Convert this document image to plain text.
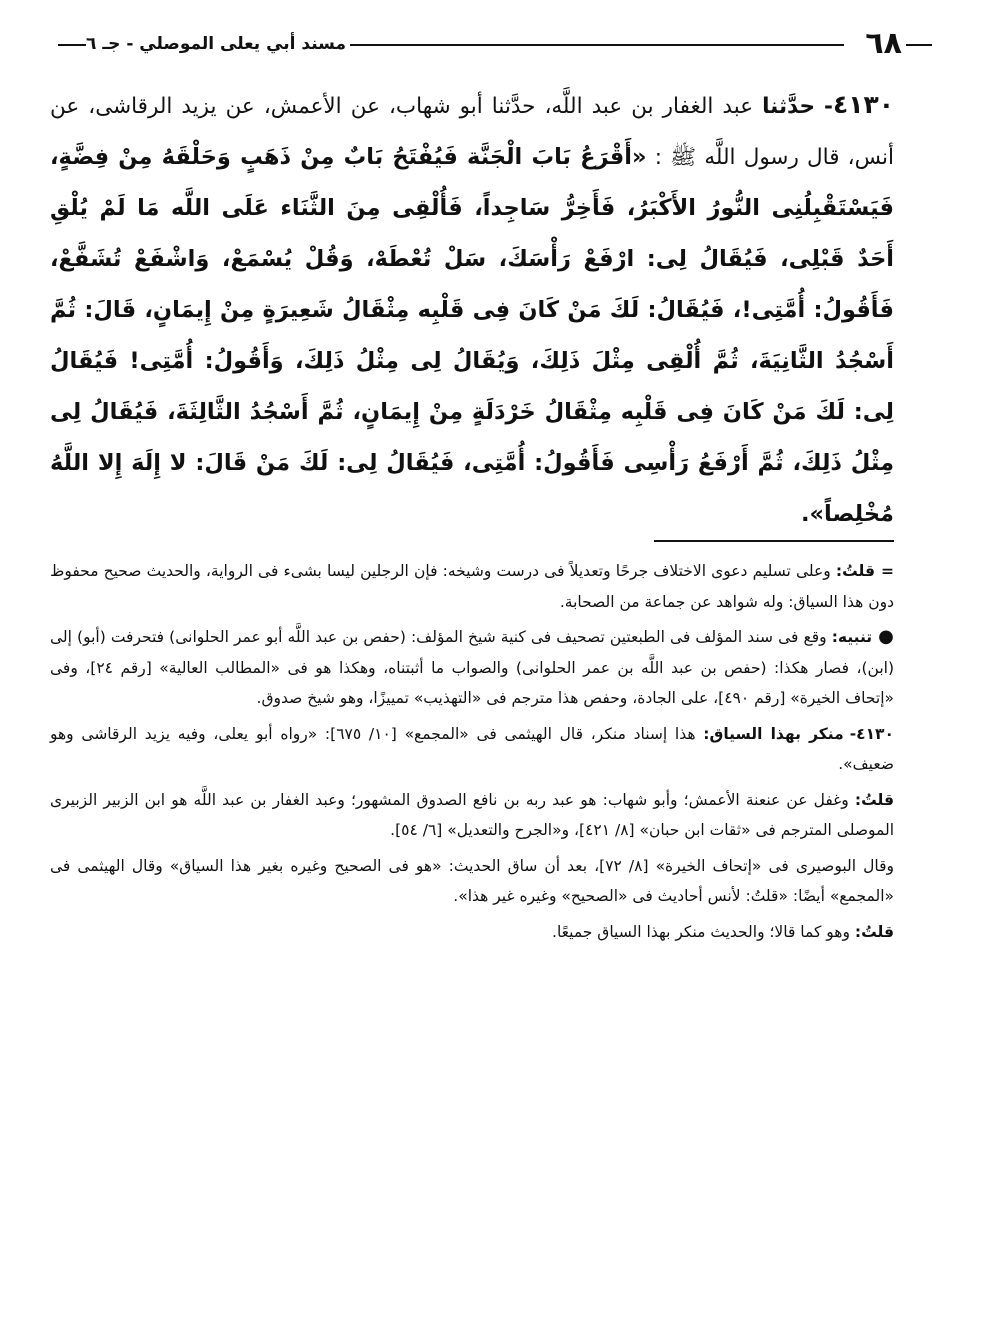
٦٨
مسند أبي يعلى الموصلي - جـ ٦

٤١٣٠- حدَّثنا عبد الغفار بن عبد اللَّه، حدَّثنا أبو شهاب، عن الأعمش، عن يزيد الرقاشى، عن أنس، قال رسول اللَّه ﷺ : «أَقْرَعُ بَابَ الْجَنَّة فَيُفْتَحُ بَابٌ مِنْ ذَهَبٍ وَحَلْقَهُ مِنْ فِضَّةٍ، فَيَسْتَقْبِلُنِى النُّورُ الأَكْبَرُ، فَأَخِرُّ سَاجِداً، فَأُلْقِى مِنَ الثَّنَاء عَلَى اللَّه مَا لَمْ يُلْقِ أَحَدٌ قَبْلِى، فَيُقَالُ لِى: ارْفَعْ رَأْسَكَ، سَلْ تُعْطَهْ، وَقُلْ يُسْمَعْ، وَاشْفَعْ تُشَفَّعْ، فَأَقُولُ: أُمَّتِى!، فَيُقَالُ: لَكَ مَنْ كَانَ فِى قَلْبِه مِثْقَالُ شَعِيرَةٍ مِنْ إِيمَانٍ، قَالَ: ثُمَّ أَسْجُدُ الثَّانِيَةَ، ثُمَّ أُلْقِى مِثْلَ ذَلِكَ، وَيُقَالُ لِى مِثْلُ ذَلِكَ، وَأَقُولُ: أُمَّتِى! فَيُقَالُ لِى: لَكَ مَنْ كَانَ فِى قَلْبِه مِثْقَالُ خَرْدَلَةٍ مِنْ إِيمَانٍ، ثُمَّ أَسْجُدُ الثَّالِثَةَ، فَيُقَالُ لِى مِثْلُ ذَلِكَ، ثُمَّ أَرْفَعُ رَأْسِى فَأَقُولُ: أُمَّتِى، فَيُقَالُ لِى: لَكَ مَنْ قَالَ: لا إِلَهَ إِلا اللَّهُ مُخْلِصاً».

=قلتُ: وعلى تسليم دعوى الاختلاف جرحًا وتعديلاً فى درست وشيخه: فإن الرجلين ليسا بشىء فى الرواية، والحديث صحيح محفوظ دون هذا السياق: وله شواهد عن جماعة من الصحابة.

●تنبيه: وقع فى سند المؤلف فى الطبعتين تصحيف فى كنية شيخ المؤلف: (حفص بن عبد اللَّه أبو عمر الحلوانى) فتحرفت (أبو) إلى (ابن)، فصار هكذا: (حفص بن عبد اللَّه بن عمر الحلوانى) والصواب ما أثبتناه، وهكذا هو فى «المطالب العالية» [رقم ٢٤]، وفى «إتحاف الخيرة» [رقم ٤٩٠]، على الجادة، وحفص هذا مترجم فى «التهذيب» تمييزًا، وهو شيخ صدوق.

٤١٣٠-منكر بهذا السياق: هذا إسناد منكر، قال الهيثمى فى «المجمع» [١٠/ ٦٧٥]: «رواه أبو يعلى، وفيه يزيد الرقاشى وهو ضعيف».

قلتُ: وغفل عن عنعنة الأعمش؛ وأبو شهاب: هو عبد ربه بن نافع الصدوق المشهور؛ وعبد الغفار بن عبد اللَّه هو ابن الزبير الزبيرى الموصلى المترجم فى «ثقات ابن حبان» [٨/ ٤٢١]، و«الجرح والتعديل» [٦/ ٥٤].

وقال البوصيرى فى «إتحاف الخيرة» [٨/ ٧٢]، بعد أن ساق الحديث: «هو فى الصحيح وغيره بغير هذا السياق» وقال الهيثمى فى «المجمع» أيضًا: «قلتُ: لأنس أحاديث فى «الصحيح» وغيره غير هذا».

قلتُ: وهو كما قالا؛ والحديث منكر بهذا السياق جميعًا.
